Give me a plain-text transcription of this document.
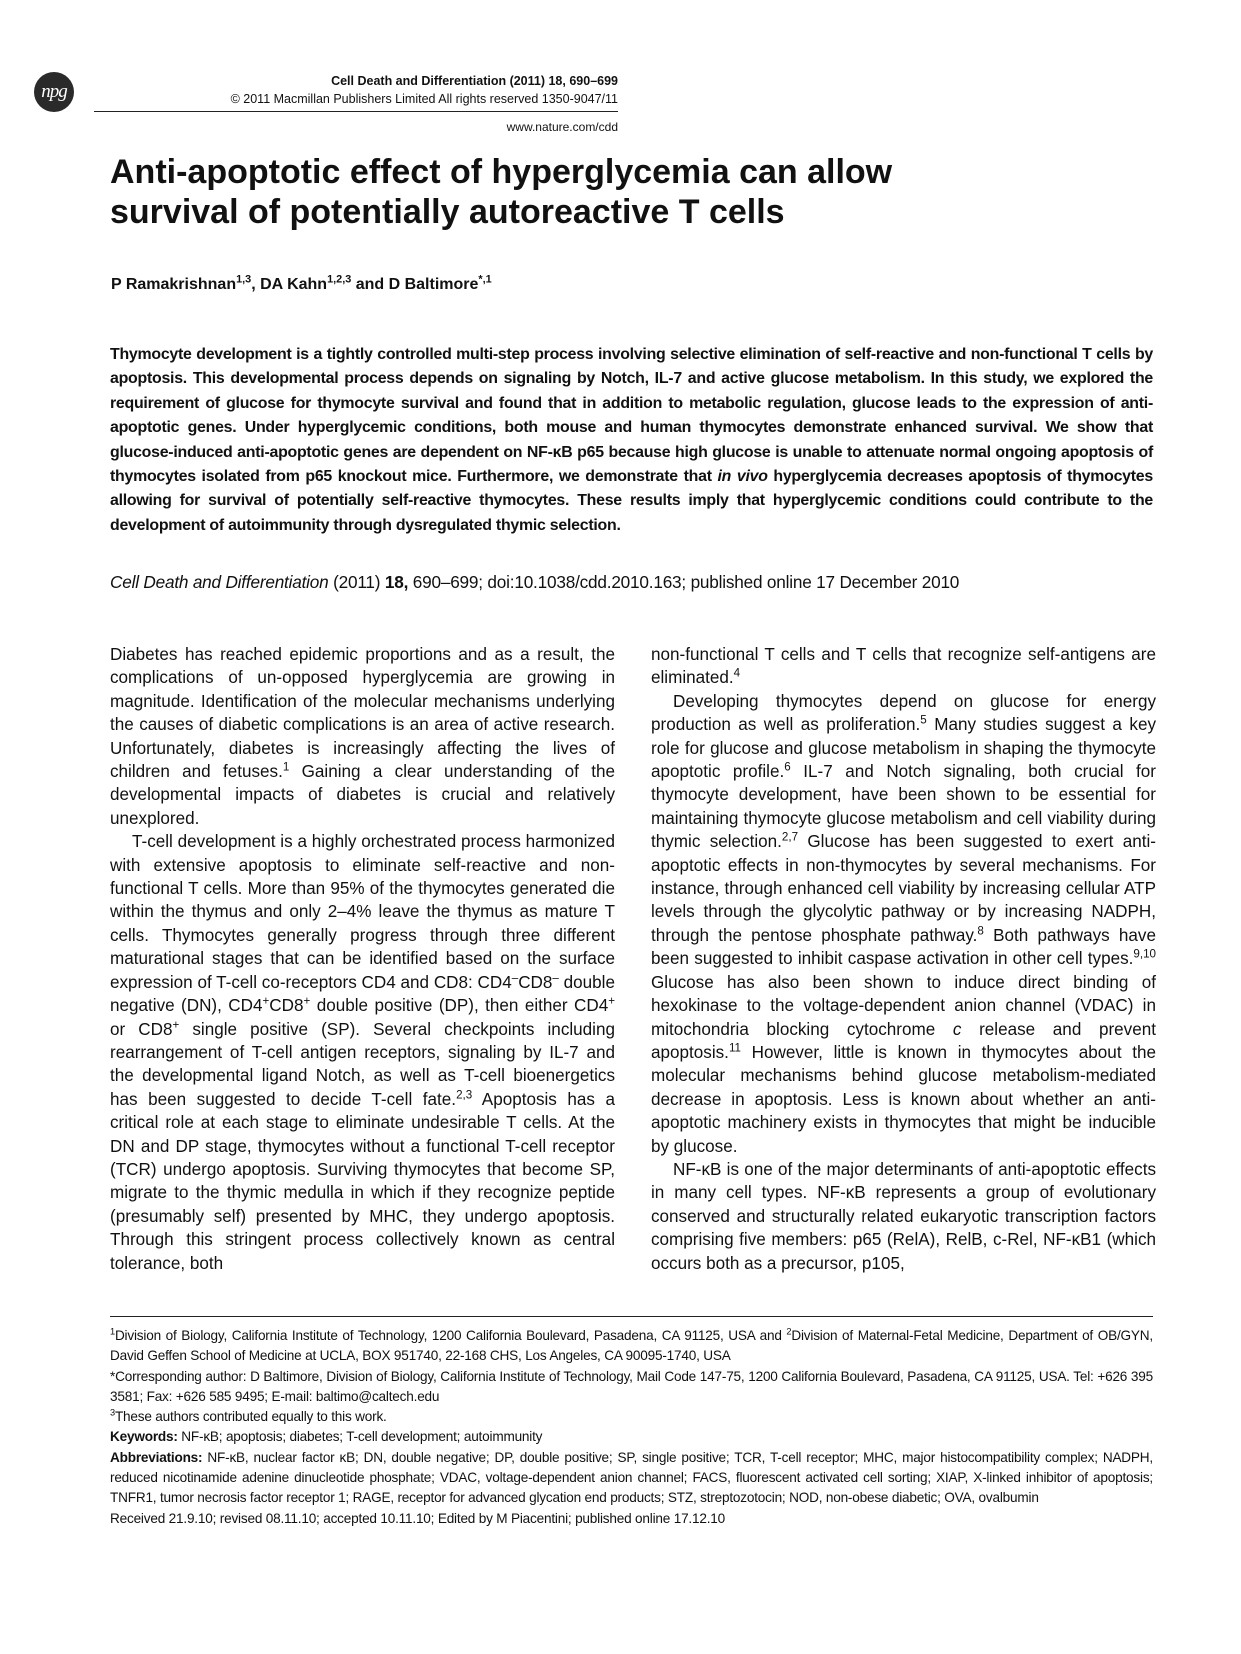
npg	Cell Death and Differentiation (2011) 18, 690–699
© 2011 Macmillan Publishers Limited All rights reserved 1350-9047/11
www.nature.com/cdd
Anti-apoptotic effect of hyperglycemia can allow
survival of potentially autoreactive T cells
P Ramakrishnan$^{1,3}$, DA Kahn$^{1,2,3}$ and D Baltimore$^{*,1}$

Thymocyte development is a tightly controlled multi-step process involving selective elimination of self-reactive and non-functional T cells by apoptosis. This developmental process depends on signaling by Notch, IL-7 and active glucose metabolism. In this study, we explored the requirement of glucose for thymocyte survival and found that in addition to metabolic regulation, glucose leads to the expression of anti-apoptotic genes. Under hyperglycemic conditions, both mouse and human thymocytes demonstrate enhanced survival. We show that glucose-induced anti-apoptotic genes are dependent on NF-κB p65 because high glucose is unable to attenuate normal ongoing apoptosis of thymocytes isolated from p65 knockout mice. Furthermore, we demonstrate that in vivo hyperglycemia decreases apoptosis of thymocytes allowing for survival of potentially self-reactive thymocytes. These results imply that hyperglycemic conditions could contribute to the development of autoimmunity through dysregulated thymic selection.

Cell Death and Differentiation (2011) 18, 690–699; doi:10.1038/cdd.2010.163; published online 17 December 2010

Diabetes has reached epidemic proportions and as a result, the complications of un-opposed hyperglycemia are growing in magnitude. Identification of the molecular mechanisms underlying the causes of diabetic complications is an area of active research. Unfortunately, diabetes is increasingly affecting the lives of children and fetuses.$^1$ Gaining a clear understanding of the developmental impacts of diabetes is crucial and relatively unexplored.

T-cell development is a highly orchestrated process harmonized with extensive apoptosis to eliminate self-reactive and non-functional T cells. More than 95% of the thymocytes generated die within the thymus and only 2–4% leave the thymus as mature T cells. Thymocytes generally progress through three different maturational stages that can be identified based on the surface expression of T-cell co-receptors CD4 and CD8: CD4–CD8– double negative (DN), CD4+CD8+ double positive (DP), then either CD4+ or CD8+ single positive (SP). Several checkpoints including rearrangement of T-cell antigen receptors, signaling by IL-7 and the developmental ligand Notch, as well as T-cell bioenergetics has been suggested to decide T-cell fate.$^{2,3}$ Apoptosis has a critical role at each stage to eliminate undesirable T cells. At the DN and DP stage, thymocytes without a functional T-cell receptor (TCR) undergo apoptosis. Surviving thymocytes that become SP, migrate to the thymic medulla in which if they recognize peptide (presumably self) presented by MHC, they undergo apoptosis. Through this stringent process collectively known as central tolerance, both

non-functional T cells and T cells that recognize self-antigens are eliminated.$^4$

Developing thymocytes depend on glucose for energy production as well as proliferation.$^5$ Many studies suggest a key role for glucose and glucose metabolism in shaping the thymocyte apoptotic profile.$^6$ IL-7 and Notch signaling, both crucial for thymocyte development, have been shown to be essential for maintaining thymocyte glucose metabolism and cell viability during thymic selection.$^{2,7}$ Glucose has been suggested to exert anti-apoptotic effects in non-thymocytes by several mechanisms. For instance, through enhanced cell viability by increasing cellular ATP levels through the glycolytic pathway or by increasing NADPH, through the pentose phosphate pathway.$^8$ Both pathways have been suggested to inhibit caspase activation in other cell types.$^{9,10}$ Glucose has also been shown to induce direct binding of hexokinase to the voltage-dependent anion channel (VDAC) in mitochondria blocking cytochrome c release and prevent apoptosis.$^{11}$ However, little is known in thymocytes about the molecular mechanisms behind glucose metabolism-mediated decrease in apoptosis. Less is known about whether an anti-apoptotic machinery exists in thymocytes that might be inducible by glucose.

NF-κB is one of the major determinants of anti-apoptotic effects in many cell types. NF-κB represents a group of evolutionary conserved and structurally related eukaryotic transcription factors comprising five members: p65 (RelA), RelB, c-Rel, NF-κB1 (which occurs both as a precursor, p105,

$^1$Division of Biology, California Institute of Technology, 1200 California Boulevard, Pasadena, CA 91125, USA and $^2$Division of Maternal-Fetal Medicine, Department of OB/GYN, David Geffen School of Medicine at UCLA, BOX 951740, 22-168 CHS, Los Angeles, CA 90095-1740, USA

*Corresponding author: D Baltimore, Division of Biology, California Institute of Technology, Mail Code 147-75, 1200 California Boulevard, Pasadena, CA 91125, USA. Tel: +626 395 3581; Fax: +626 585 9495; E-mail: baltimo@caltech.edu

$^3$These authors contributed equally to this work.

Keywords: NF-κB; apoptosis; diabetes; T-cell development; autoimmunity

Abbreviations: NF-κB, nuclear factor κB; DN, double negative; DP, double positive; SP, single positive; TCR, T-cell receptor; MHC, major histocompatibility complex; NADPH, reduced nicotinamide adenine dinucleotide phosphate; VDAC, voltage-dependent anion channel; FACS, fluorescent activated cell sorting; XIAP, X-linked inhibitor of apoptosis; TNFR1, tumor necrosis factor receptor 1; RAGE, receptor for advanced glycation end products; STZ, streptozotocin; NOD, non-obese diabetic; OVA, ovalbumin

Received 21.9.10; revised 08.11.10; accepted 10.11.10; Edited by M Piacentini; published online 17.12.10
